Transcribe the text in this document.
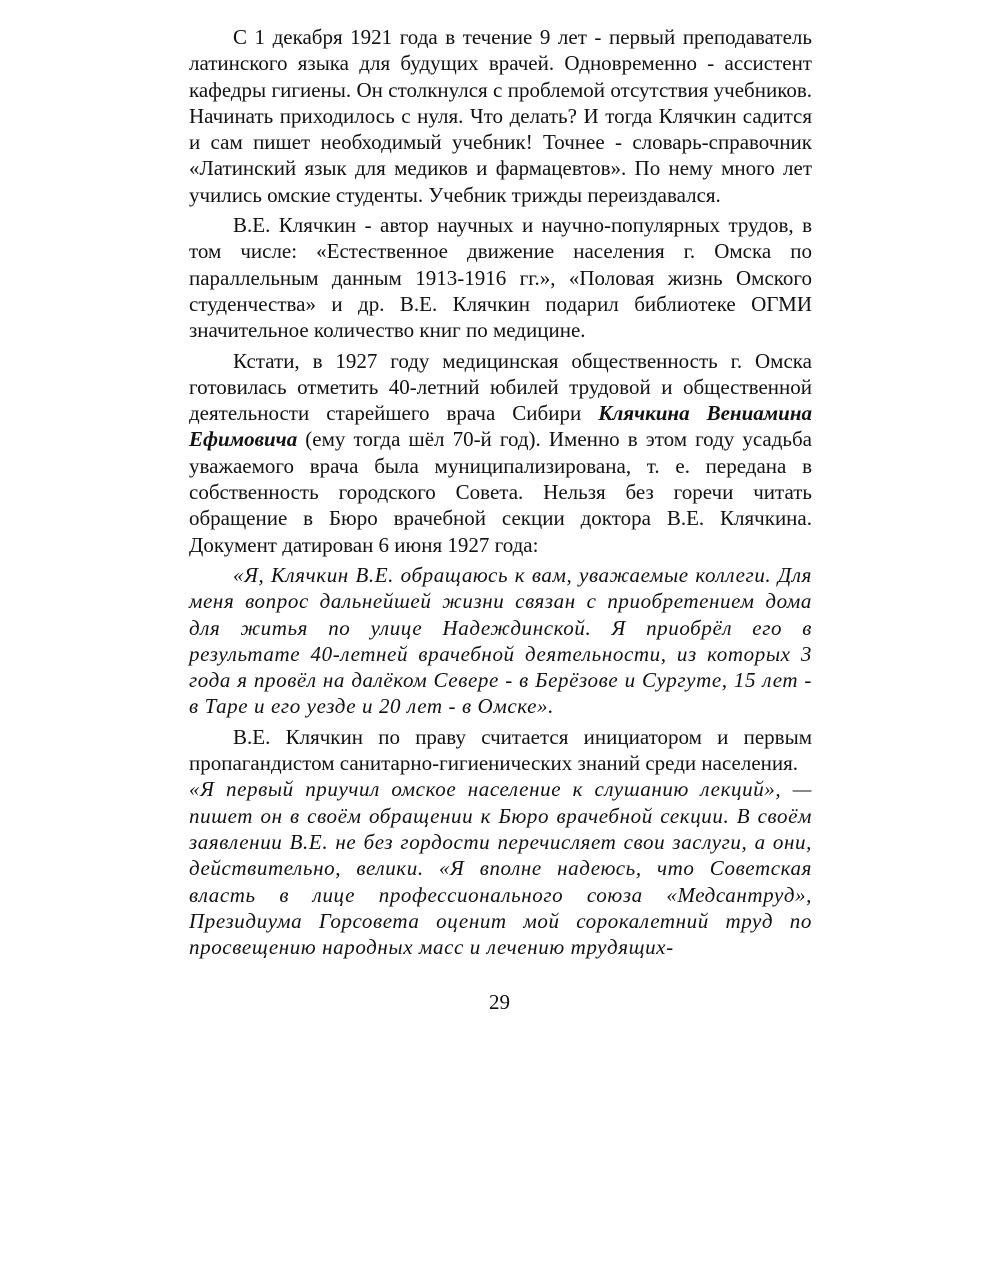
С 1 декабря 1921 года в течение 9 лет - первый преподаватель латинского языка для будущих врачей. Одновременно - ассистент кафедры гигиены. Он столкнулся с проблемой отсутствия учебников. Начинать приходилось с нуля. Что делать? И тогда Клячкин садится и сам пишет необходимый учебник! Точнее - словарь-справочник «Латинский язык для медиков и фармацевтов». По нему много лет учились омские студенты. Учебник трижды переиздавался.

В.Е. Клячкин - автор научных и научно-популярных трудов, в том числе: «Естественное движение населения г. Омска по параллельным данным 1913-1916 гг.», «Половая жизнь Омского студенчества» и др. В.Е. Клячкин подарил библиотеке ОГМИ значительное количество книг по медицине.

Кстати, в 1927 году медицинская общественность г. Омска готовилась отметить 40-летний юбилей трудовой и общественной деятельности старейшего врача Сибири Клячкина Вениамина Ефимовича (ему тогда шёл 70-й год). Именно в этом году усадьба уважаемого врача была муниципализирована, т. е. передана в собственность городского Совета. Нельзя без горечи читать обращение в Бюро врачебной секции доктора В.Е. Клячкина. Документ датирован 6 июня 1927 года:

«Я, Клячкин В.Е. обращаюсь к вам, уважаемые коллеги. Для меня вопрос дальнейшей жизни связан с приобретением дома для житья по улице Надеждинской. Я приобрёл его в результате 40-летней врачебной деятельности, из которых 3 года я провёл на далёком Севере - в Берёзове и Сургуте, 15 лет - в Таре и его уезде и 20 лет - в Омске».

В.Е. Клячкин по праву считается инициатором и первым пропагандистом санитарно-гигиенических знаний среди населения.
«Я первый приучил омское население к слушанию лекций», — пишет он в своём обращении к Бюро врачебной секции. В своём заявлении В.Е. не без гордости перечисляет свои заслуги, а они, действительно, велики. «Я вполне надеюсь, что Советская власть в лице профессионального союза «Медсантруд», Президиума Горсовета оценит мой сорокалетний труд по просвещению народных масс и лечению трудящих-

29
